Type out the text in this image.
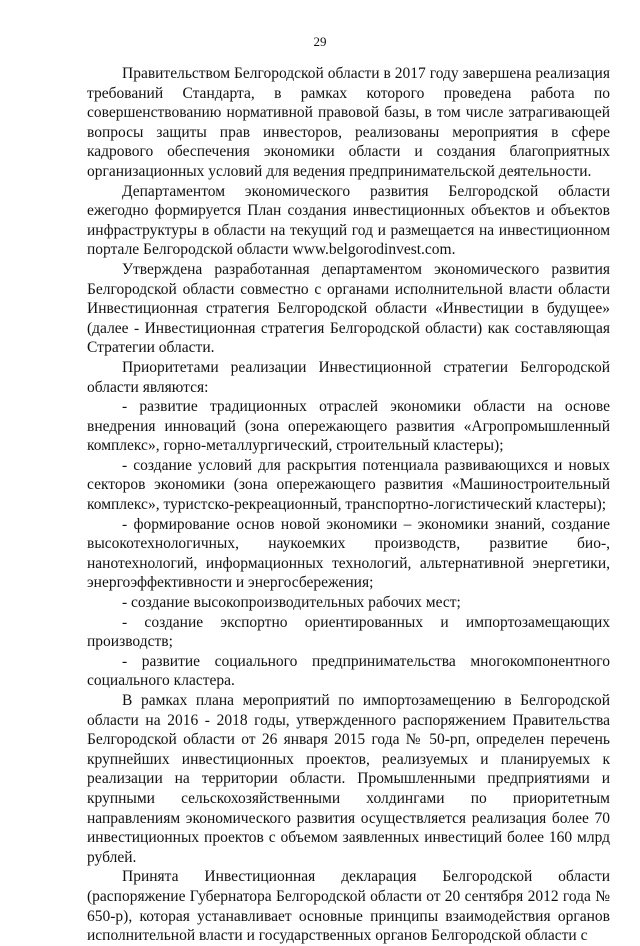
29

Правительством Белгородской области в 2017 году завершена реализация требований Стандарта, в рамках которого проведена работа по совершенствованию нормативной правовой базы, в том числе затрагивающей вопросы защиты прав инвесторов, реализованы мероприятия в сфере кадрового обеспечения экономики области и создания благоприятных организационных условий для ведения предпринимательской деятельности.

Департаментом экономического развития Белгородской области ежегодно формируется План создания инвестиционных объектов и объектов инфраструктуры в области на текущий год и размещается на инвестиционном портале Белгородской области www.belgorodinvest.com.

Утверждена разработанная департаментом экономического развития Белгородской области совместно с органами исполнительной власти области Инвестиционная стратегия Белгородской области «Инвестиции в будущее» (далее - Инвестиционная стратегия Белгородской области) как составляющая Стратегии области.

Приоритетами реализации Инвестиционной стратегии Белгородской области являются:

- развитие традиционных отраслей экономики области на основе внедрения инноваций (зона опережающего развития «Агропромышленный комплекс», горно-металлургический, строительный кластеры);

- создание условий для раскрытия потенциала развивающихся и новых секторов экономики (зона опережающего развития «Машиностроительный комплекс», туристско-рекреационный, транспортно-логистический кластеры);

- формирование основ новой экономики – экономики знаний, создание высокотехнологичных, наукоемких производств, развитие био-, нанотехнологий, информационных технологий, альтернативной энергетики, энергоэффективности и энергосбережения;

- создание высокопроизводительных рабочих мест;

- создание экспортно ориентированных и импортозамещающих производств;

- развитие социального предпринимательства многокомпонентного социального кластера.

В рамках плана мероприятий по импортозамещению в Белгородской области на 2016 - 2018 годы, утвержденного распоряжением Правительства Белгородской области от 26 января 2015 года № 50-рп, определен перечень крупнейших инвестиционных проектов, реализуемых и планируемых к реализации на территории области. Промышленными предприятиями и крупными сельскохозяйственными холдингами по приоритетным направлениям экономического развития осуществляется реализация более 70 инвестиционных проектов с объемом заявленных инвестиций более 160 млрд рублей.

Принята Инвестиционная декларация Белгородской области (распоряжение Губернатора Белгородской области от 20 сентября 2012 года № 650-р), которая устанавливает основные принципы взаимодействия органов исполнительной власти и государственных органов Белгородской области с
